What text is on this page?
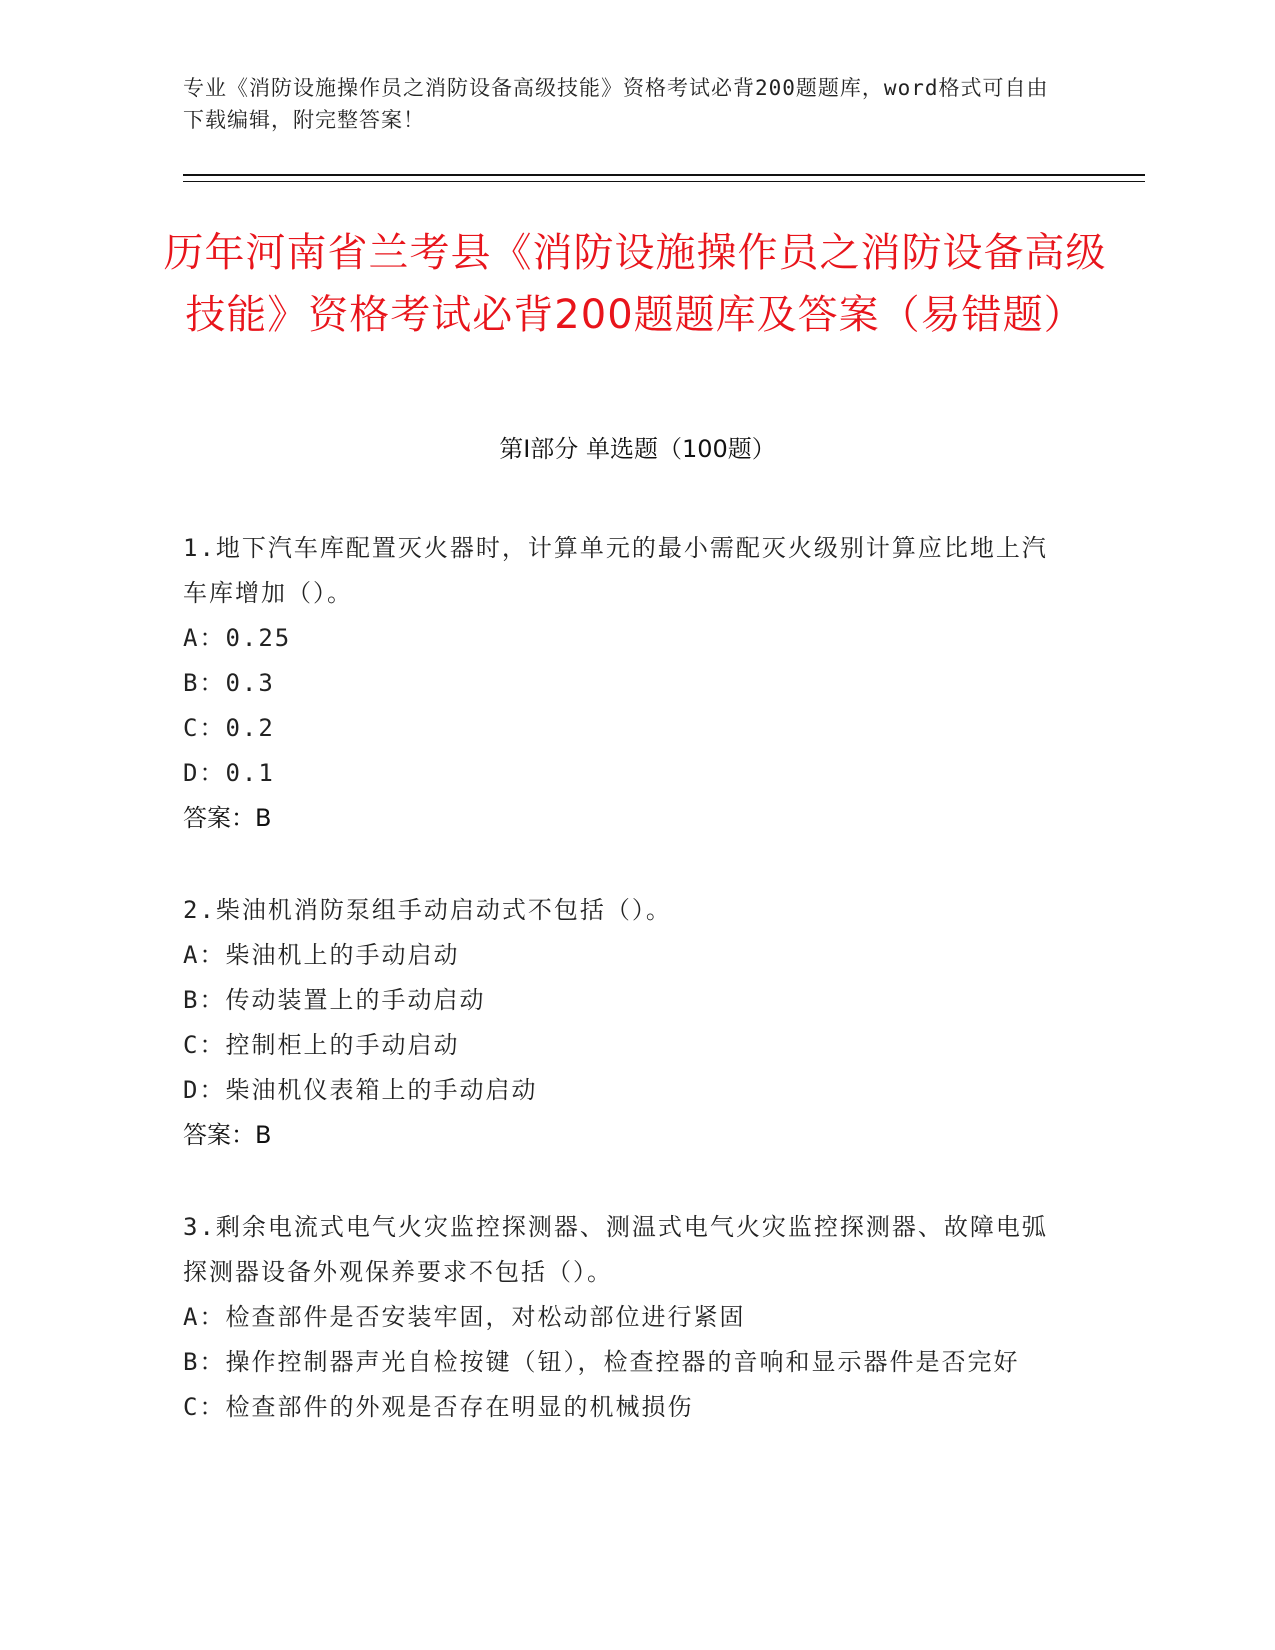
专业《消防设施操作员之消防设备高级技能》资格考试必背200题题库，word格式可自由下载编辑，附完整答案！
历年河南省兰考县《消防设施操作员之消防设备高级技能》资格考试必背200题题库及答案（易错题）
第Ⅰ部分 单选题（100题）

1.地下汽车库配置灭火器时，计算单元的最小需配灭火级别计算应比地上汽车库增加（）。

A：0.25

B：0.3

C：0.2

D：0.1

答案：B

2.柴油机消防泵组手动启动式不包括（）。

A：柴油机上的手动启动

B：传动装置上的手动启动

C：控制柜上的手动启动

D：柴油机仪表箱上的手动启动

答案：B

3.剩余电流式电气火灾监控探测器、测温式电气火灾监控探测器、故障电弧探测器设备外观保养要求不包括（）。

A：检查部件是否安装牢固，对松动部位进行紧固

B：操作控制器声光自检按键（钮），检查控器的音响和显示器件是否完好

C：检查部件的外观是否存在明显的机械损伤
